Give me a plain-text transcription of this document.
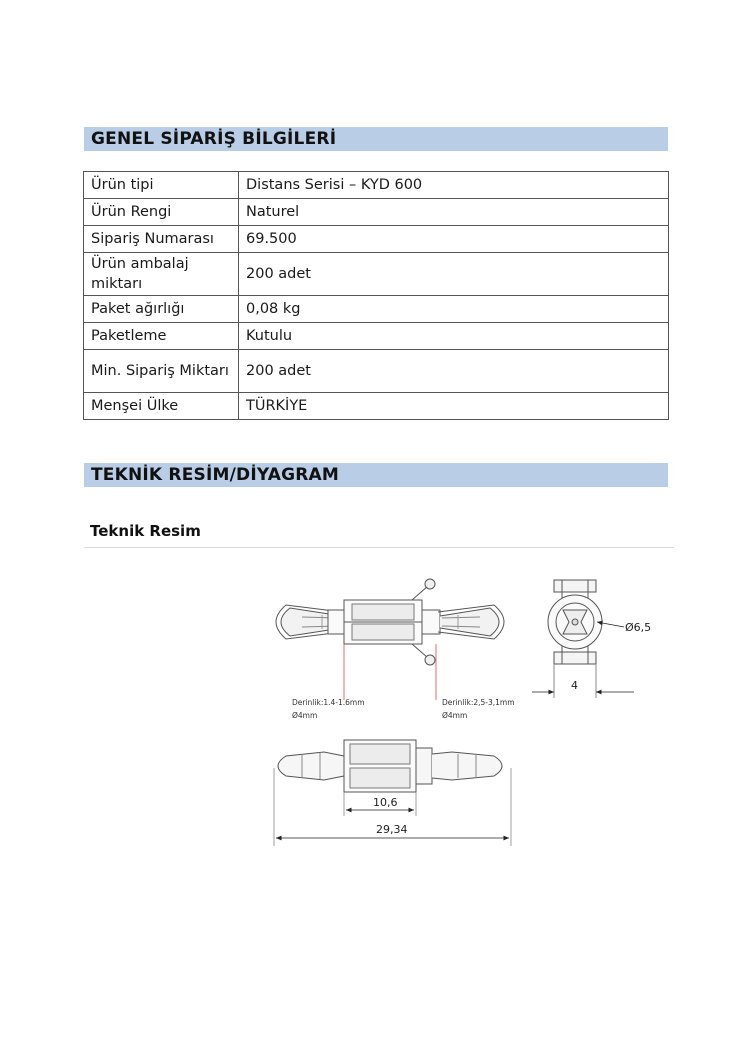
GENEL SİPARİŞ BİLGİLERİ
Ürün tipi	Distans Serisi – KYD 600
Ürün Rengi	Naturel
Sipariş Numarası	69.500
Ürün ambalaj miktarı	200 adet
Paket ağırlığı	0,08 kg
Paketleme	Kutulu
Min. Sipariş Miktarı	200 adet
Menşei Ülke	TÜRKİYE
TEKNİK RESİM/DİYAGRAM
Teknik Resim
Derinlik:1.4-1.6mm
Ø4mm
Derinlik:2,5-3,1mm
Ø4mm
Ø6,5
4
10,6
29,34
